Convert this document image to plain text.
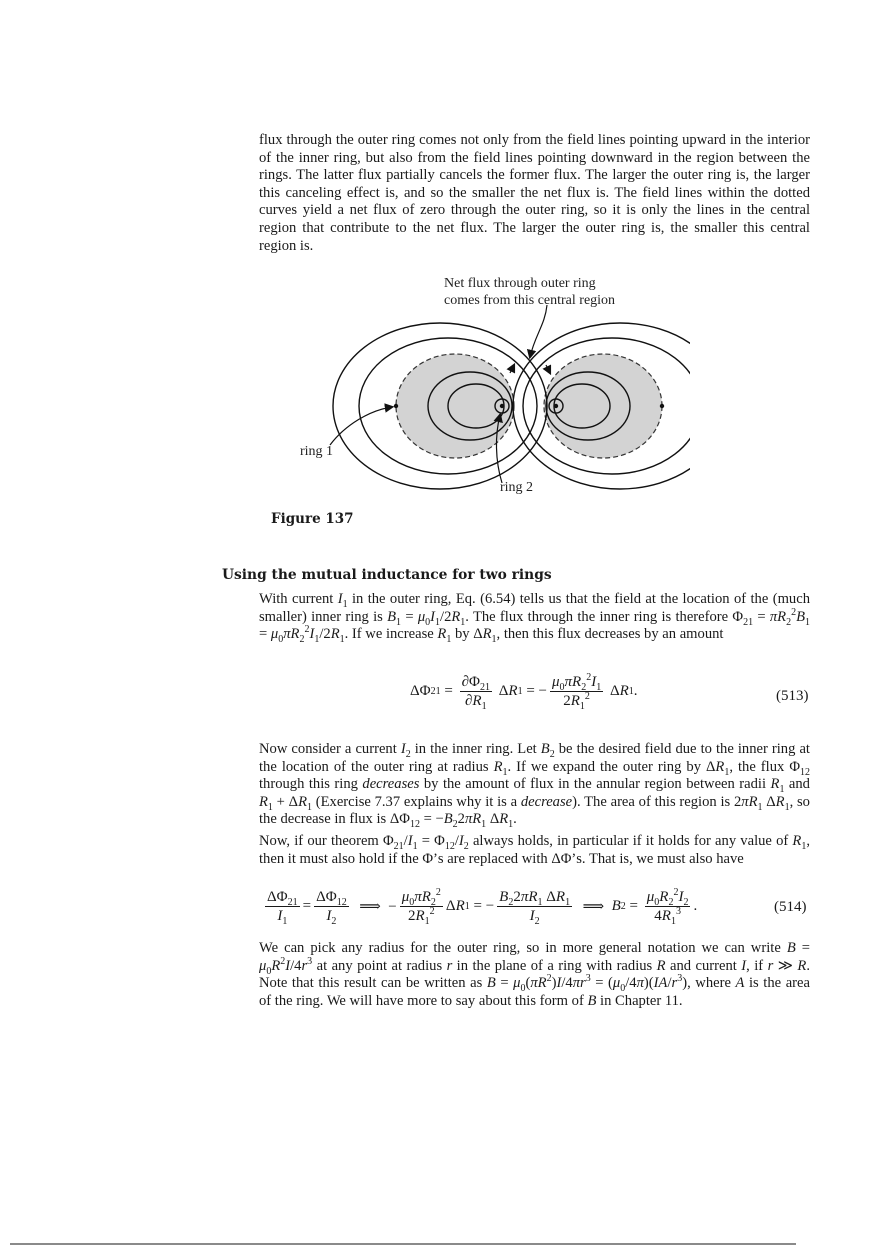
flux through the outer ring comes not only from the field lines pointing upward in the interior of the inner ring, but also from the field lines pointing downward in the region between the rings. The latter flux partially cancels the former flux. The larger the outer ring is, the larger this canceling effect is, and so the smaller the net flux is. The field lines within the dotted curves yield a net flux of zero through the outer ring, so it is only the lines in the central region that contribute to the net flux. The larger the outer ring is, the smaller this central region is.

Net flux through outer ring
comes from this central region
ring 1
ring 2
Figure 137
Using the mutual inductance for two rings

With current $I_1$ in the outer ring, Eq. (6.54) tells us that the field at the location of the (much smaller) inner ring is $B_1 = \mu_0I_1/2R_1$. The flux through the inner ring is therefore $\Phi_{21} = \pi R_2^2B_1 = \mu_0\pi R_2^2I_1/2R_1$. If we increase $R_1$ by $\Delta R_1$, then this flux decreases by an amount

ΔΦ $21 = \frac{\partial\Phi_{21}}{\partial R_1}$ Δ R 1 = − $\frac{\mu_0\pi R_2^2I_1}{2R_1^2}$ Δ R 1 .	(513)

Now consider a current $I_2$ in the inner ring. Let $B_2$ be the desired field due to the inner ring at the location of the outer ring at radius $R_1$. If we expand the outer ring by $\Delta R_1$, the flux $\Phi_{12}$ through this ring decreases by the amount of flux in the annular region between radii $R_1$ and $R_1 + \Delta R_1$ (Exercise 7.37 explains why it is a decrease). The area of this region is $2\pi R_1$ $\Delta R_1$, so the decrease in flux is $\Delta\Phi_{12} = -B_22\pi R_1$ $\Delta R_1$.

Now, if our theorem $\Phi_{21}/I_1 = \Phi_{12}/I_2$ always holds, in particular if it holds for any value of $R_1$, then it must also hold if the Φ’s are replaced with ΔΦ’s. That is, we must also have

$\frac{\Delta\Phi_{21}}{I_1} = \frac{\Delta\Phi_{12}}{I_2}$ ⟹  − $\frac{\mu_0\pi R_2^2}{2R_1^2}$ Δ R 1 = − $\frac{B_22\pi R_1 \Delta R_1}{I_2}$ ⟹ B $2 = \frac{\mu_0R_2^2I_2}{4R_1^3}$ .	(514)

We can pick any radius for the outer ring, so in more general notation we can write $B = \mu_0R^2I/4r^3$ at any point at radius r in the plane of a ring with radius R and current I, if r ≫ R. Note that this result can be written as $B = \mu_0(\pi R^2)I/4\pi r^3 = (\mu_0/4\pi)(IA/r^3)$, where A is the area of the ring. We will have more to say about this form of B in Chapter 11.
